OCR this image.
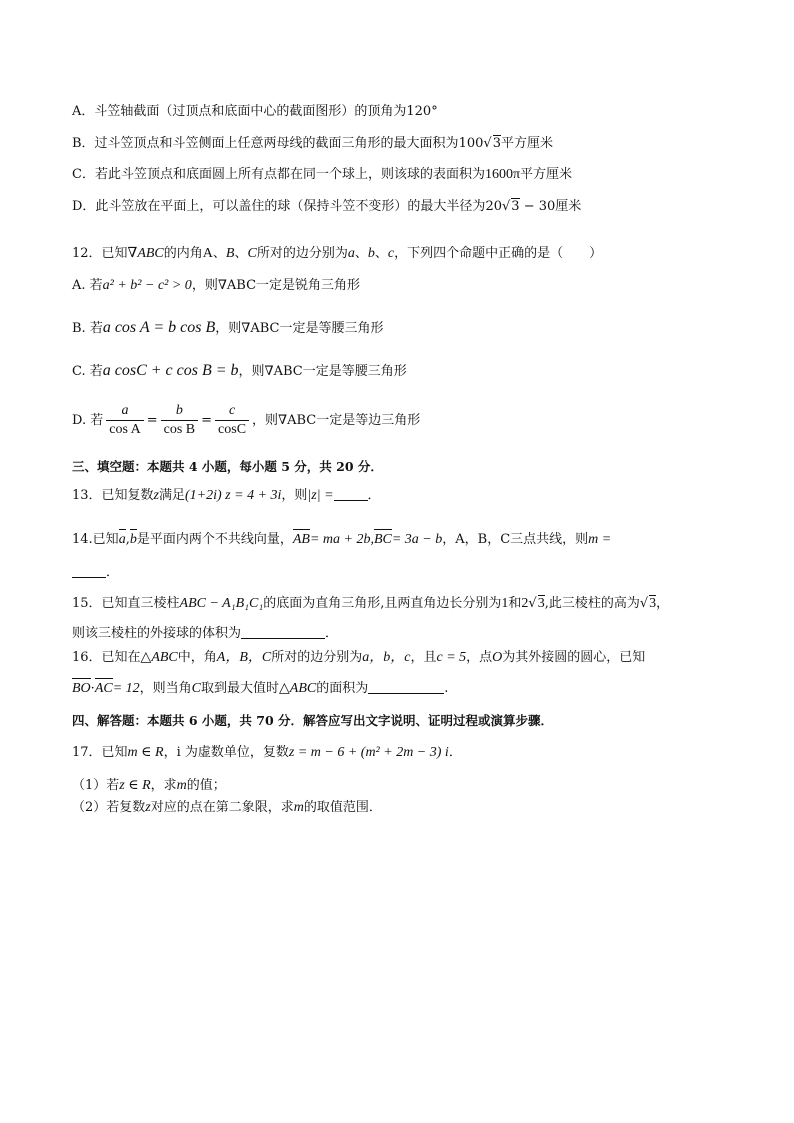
A．斗笠轴截面（过顶点和底面中心的截面图形）的顶角为120°
B．过斗笠顶点和斗笠侧面上任意两母线的截面三角形的最大面积为100√3平方厘米
C．若此斗笠顶点和底面圆上所有点都在同一个球上，则该球的表面积为1600π平方厘米
D．此斗笠放在平面上，可以盖住的球（保持斗笠不变形）的最大半径为20√3 − 30厘米
12．已知∇ABC的内角A、B、C所对的边分别为a、b、c，下列四个命题中正确的是（　　）
A. 若a² + b² − c² > 0，则∇ABC一定是锐角三角形
B. 若a cos A = b cos B，则∇ABC一定是等腰三角形
C. 若a cosC + c cos B = b，则∇ABC一定是等腰三角形
D. 若 $\frac{a}{\text{cos A}} = \frac{b}{\text{cos B}} = \frac{c}{\cos C}$ ，则∇ABC一定是等边三角形
三、填空题：本题共 4 小题，每小题 5 分，共 20 分．
13．已知复数z满足(1+2i) z = 4 + 3i，则|z| =	．
14.已知a,b是平面内两个不共线向量，AB= ma + 2b,BC= 3a − b，A，B，C三点共线，则m =
．
15．已知直三棱柱ABC − A₁B₁C₁的底面为直角三角形,且两直角边长分别为1和2√3,此三棱柱的高为√3，
则该三棱柱的外接球的体积为	．
16．已知在△ABC中，角A，B，C所对的边分别为a，b，c，且c = 5，点O为其外接圆的圆心，已知
BO·AC= 12，则当角C取到最大值时△ABC的面积为	.
四、解答题：本题共 6 小题，共 70 分．解答应写出文字说明、证明过程或演算步骤．
17．已知m ∈ R，i 为虚数单位，复数z = m − 6 + (m² + 2m − 3) i．
（1）若z ∈ R，求m的值；
（2）若复数z对应的点在第二象限，求m的取值范围．
